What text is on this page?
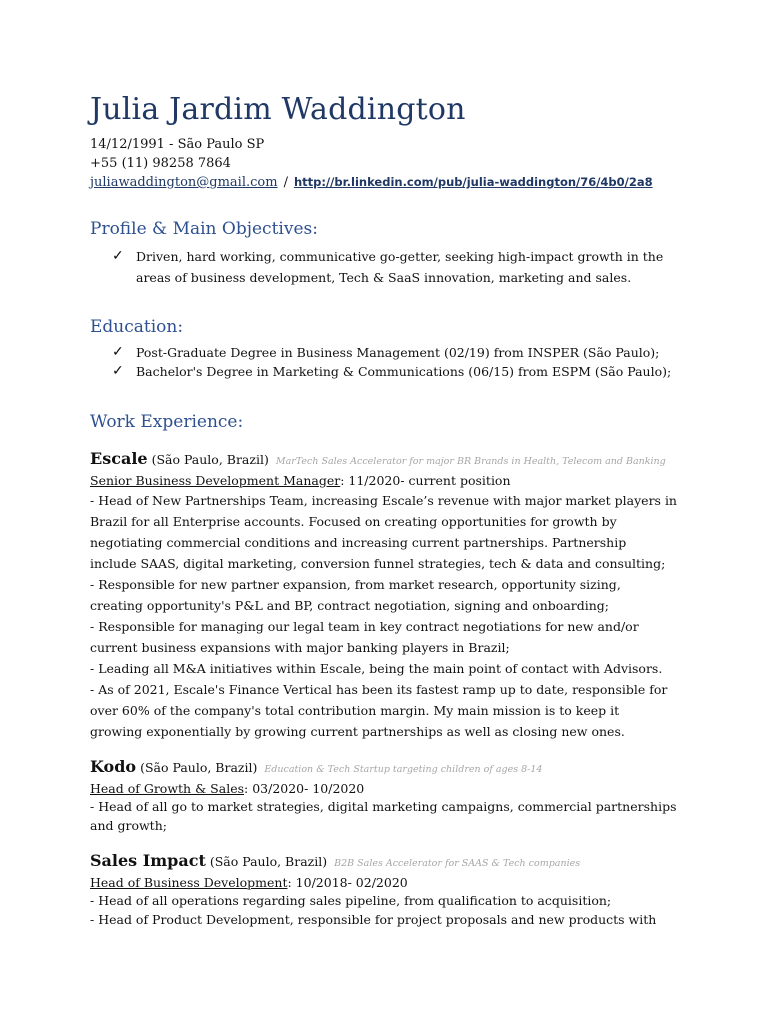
Julia Jardim Waddington
14/12/1991 - São Paulo SP
+55 (11) 98258 7864
juliawaddington@gmail.com / http://br.linkedin.com/pub/julia-waddington/76/4b0/2a8
Profile & Main Objectives:
✓ Driven, hard working, communicative go-getter, seeking high-impact growth in the areas of business development, Tech & SaaS innovation, marketing and sales.
Education:
✓ Post-Graduate Degree in Business Management (02/19) from INSPER (São Paulo);
✓ Bachelor's Degree in Marketing & Communications (06/15) from ESPM (São Paulo);
Work Experience:
Escale (São Paulo, Brazil) MarTech Sales Accelerator for major BR Brands in Health, Telecom and Banking
Senior Business Development Manager: 11/2020- current position
- Head of New Partnerships Team, increasing Escale’s revenue with major market players in
Brazil for all Enterprise accounts. Focused on creating opportunities for growth by
negotiating commercial conditions and increasing current partnerships. Partnership
include SAAS, digital marketing, conversion funnel strategies, tech & data and consulting;
- Responsible for new partner expansion, from market research, opportunity sizing,
creating opportunity's P&L and BP, contract negotiation, signing and onboarding;
- Responsible for managing our legal team in key contract negotiations for new and/or
current business expansions with major banking players in Brazil;
- Leading all M&A initiatives within Escale, being the main point of contact with Advisors.
- As of 2021, Escale's Finance Vertical has been its fastest ramp up to date, responsible for
over 60% of the company's total contribution margin. My main mission is to keep it
growing exponentially by growing current partnerships as well as closing new ones.
Kodo (São Paulo, Brazil) Education & Tech Startup targeting children of ages 8-14
Head of Growth & Sales: 03/2020- 10/2020
- Head of all go to market strategies, digital marketing campaigns, commercial partnerships
and growth;
Sales Impact (São Paulo, Brazil) B2B Sales Accelerator for SAAS & Tech companies
Head of Business Development: 10/2018- 02/2020
- Head of all operations regarding sales pipeline, from qualification to acquisition;
- Head of Product Development, responsible for project proposals and new products with
